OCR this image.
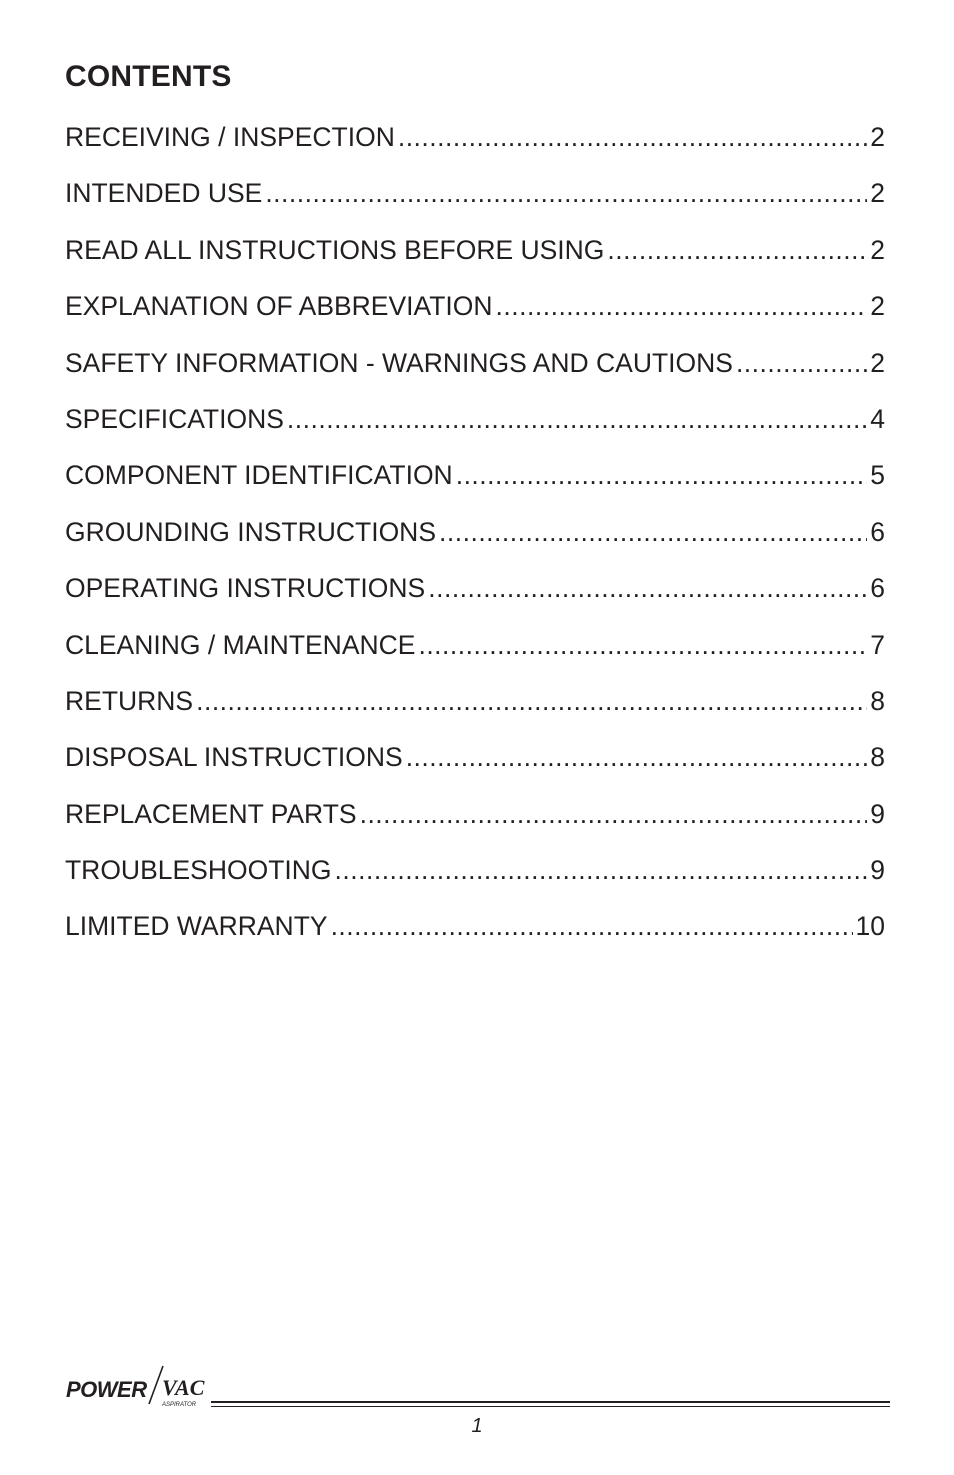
CONTENTS
RECEIVING / INSPECTION .....	2
INTENDED USE .....	2
READ ALL INSTRUCTIONS BEFORE USING .....	2
EXPLANATION OF ABBREVIATION .....	2
SAFETY INFORMATION - WARNINGS AND CAUTIONS .....	2
SPECIFICATIONS .....	4
COMPONENT IDENTIFICATION .....	5
GROUNDING INSTRUCTIONS .....	6
OPERATING INSTRUCTIONS .....	6
CLEANING / MAINTENANCE .....	7
RETURNS .....	8
DISPOSAL INSTRUCTIONS .....	8
REPLACEMENT PARTS .....	9
TROUBLESHOOTING .....	9
LIMITED WARRANTY .....	10
POWER VAC
ASPIRATOR
1
